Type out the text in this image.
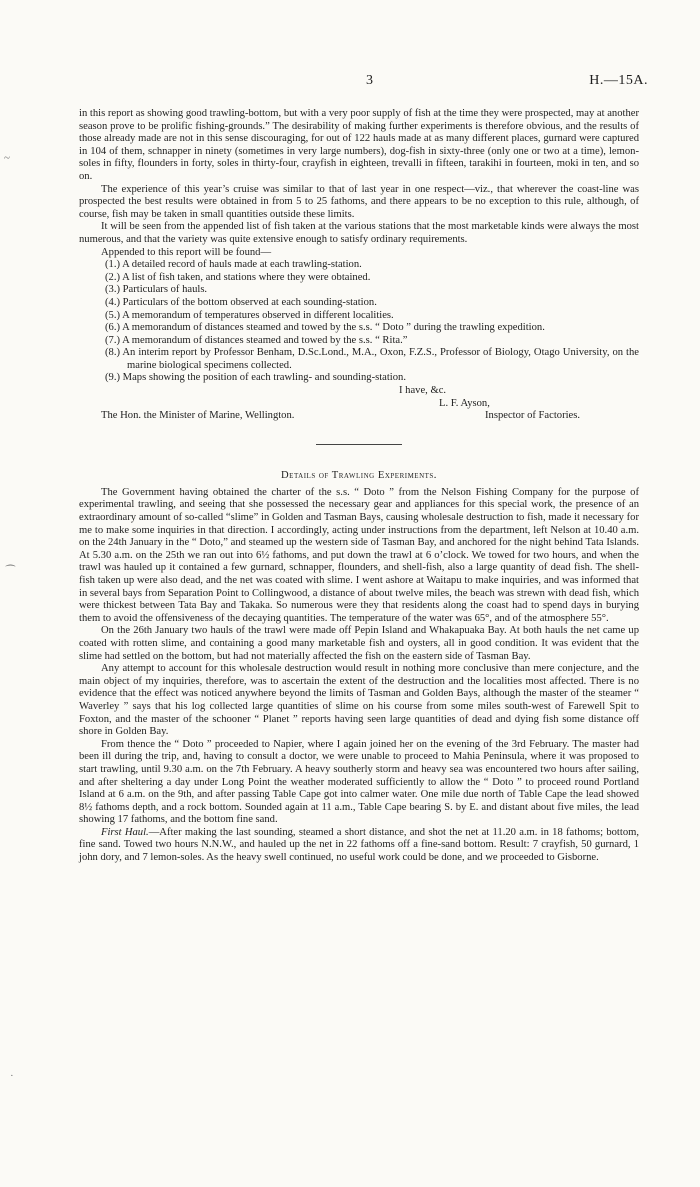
~
⁀
·
3	H.—15A.

in this report as showing good trawling-bottom, but with a very poor supply of fish at the time they were prospected, may at another season prove to be prolific fishing-grounds.” The desirability of making further experiments is therefore obvious, and the results of those already made are not in this sense discouraging, for out of 122 hauls made at as many different places, gurnard were captured in 104 of them, schnapper in ninety (sometimes in very large numbers), dog-fish in sixty-three (only one or two at a time), lemon-soles in fifty, flounders in forty, soles in thirty-four, crayfish in eighteen, trevalli in fifteen, tarakihi in fourteen, moki in ten, and so on.

The experience of this year’s cruise was similar to that of last year in one respect—viz., that wherever the coast-line was prospected the best results were obtained in from 5 to 25 fathoms, and there appears to be no exception to this rule, although, of course, fish may be taken in small quantities outside these limits.

It will be seen from the appended list of fish taken at the various stations that the most marketable kinds were always the most numerous, and that the variety was quite extensive enough to satisfy ordinary requirements.

Appended to this report will be found—

(1.) A detailed record of hauls made at each trawling-station.
(2.) A list of fish taken, and stations where they were obtained.
(3.) Particulars of hauls.
(4.) Particulars of the bottom observed at each sounding-station.
(5.) A memorandum of temperatures observed in different localities.
(6.) A memorandum of distances steamed and towed by the s.s. “ Doto ” during the trawling expedition.
(7.) A memorandum of distances steamed and towed by the s.s. “ Rita.”
(8.) An interim report by Professor Benham, D.Sc.Lond., M.A., Oxon, F.Z.S., Professor of Biology, Otago University, on the marine biological specimens collected.
(9.) Maps showing the position of each trawling- and sounding-station.
I have, &c.
L. F. Ayson,
The Hon. the Minister of Marine, Wellington.	Inspector of Factories.
Details of Trawling Experiments.

The Government having obtained the charter of the s.s. “ Doto ” from the Nelson Fishing Company for the purpose of experimental trawling, and seeing that she possessed the necessary gear and appliances for this special work, the presence of an extraordinary amount of so-called “slime” in Golden and Tasman Bays, causing wholesale destruction to fish, made it necessary for me to make some inquiries in that direction. I accordingly, acting under instructions from the department, left Nelson at 10.40 a.m. on the 24th January in the “ Doto,” and steamed up the western side of Tasman Bay, and anchored for the night behind Tata Islands. At 5.30 a.m. on the 25th we ran out into 6½ fathoms, and put down the trawl at 6 o’clock. We towed for two hours, and when the trawl was hauled up it contained a few gurnard, schnapper, flounders, and shell-fish, also a large quantity of dead fish. The shell-fish taken up were also dead, and the net was coated with slime. I went ashore at Waitapu to make inquiries, and was informed that in several bays from Separation Point to Collingwood, a distance of about twelve miles, the beach was strewn with dead fish, which were thickest between Tata Bay and Takaka. So numerous were they that residents along the coast had to spend days in burying them to avoid the offensiveness of the decaying quantities. The temperature of the water was 65°, and of the atmosphere 55°.

On the 26th January two hauls of the trawl were made off Pepin Island and Whakapuaka Bay. At both hauls the net came up coated with rotten slime, and containing a good many marketable fish and oysters, all in good condition. It was evident that the slime had settled on the bottom, but had not materially affected the fish on the eastern side of Tasman Bay.

Any attempt to account for this wholesale destruction would result in nothing more conclusive than mere conjecture, and the main object of my inquiries, therefore, was to ascertain the extent of the destruction and the localities most affected. There is no evidence that the effect was noticed anywhere beyond the limits of Tasman and Golden Bays, although the master of the steamer “ Waverley ” says that his log collected large quantities of slime on his course from some miles south-west of Farewell Spit to Foxton, and the master of the schooner “ Planet ” reports having seen large quantities of dead and dying fish some distance off shore in Golden Bay.

From thence the “ Doto ” proceeded to Napier, where I again joined her on the evening of the 3rd February. The master had been ill during the trip, and, having to consult a doctor, we were unable to proceed to Mahia Peninsula, where it was proposed to start trawling, until 9.30 a.m. on the 7th February. A heavy southerly storm and heavy sea was encountered two hours after sailing, and after sheltering a day under Long Point the weather moderated sufficiently to allow the “ Doto ” to proceed round Portland Island at 6 a.m. on the 9th, and after passing Table Cape got into calmer water. One mile due north of Table Cape the lead showed 8½ fathoms depth, and a rock bottom. Sounded again at 11 a.m., Table Cape bearing S. by E. and distant about five miles, the lead showing 17 fathoms, and the bottom fine sand.

First Haul.—After making the last sounding, steamed a short distance, and shot the net at 11.20 a.m. in 18 fathoms; bottom, fine sand. Towed two hours N.N.W., and hauled up the net in 22 fathoms off a fine-sand bottom. Result: 7 crayfish, 50 gurnard, 1 john dory, and 7 lemon-soles. As the heavy swell continued, no useful work could be done, and we proceeded to Gisborne.
